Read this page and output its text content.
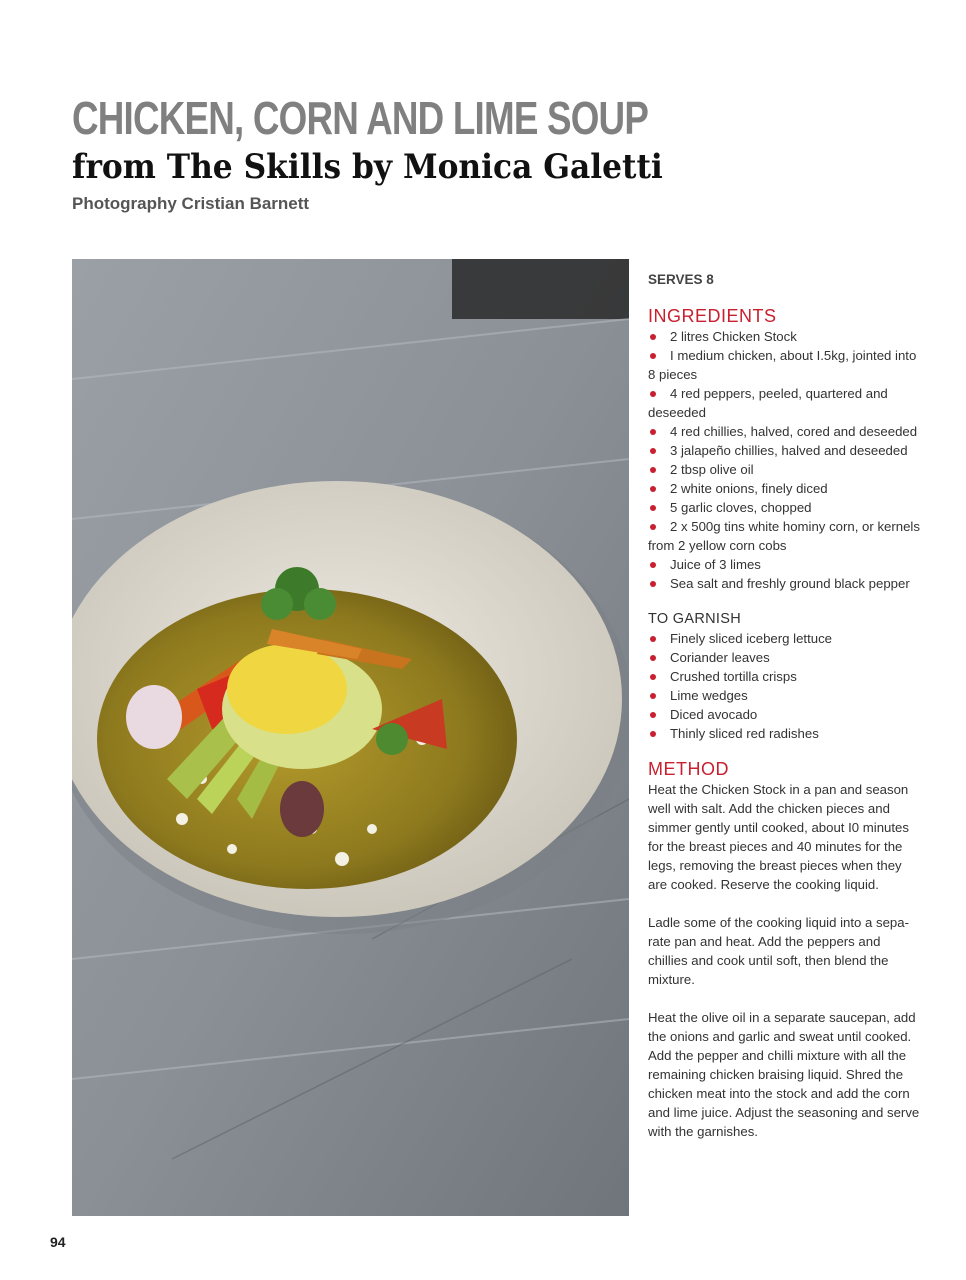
CHICKEN, CORN AND LIME SOUP
from The Skills by Monica Galetti
Photography Cristian Barnett
SERVES 8
INGREDIENTS
2 litres Chicken Stock
I medium chicken, about I.5kg, jointed into 8 pieces
4 red peppers, peeled, quartered and deseeded
4 red chillies, halved, cored and deseeded
3 jalapeño chillies, halved and deseeded
2 tbsp olive oil
2 white onions, finely diced
5 garlic cloves, chopped
2 x 500g tins white hominy corn, or kernels from 2 yellow corn cobs
Juice of 3 limes
Sea salt and freshly ground black pepper
TO GARNISH
Finely sliced iceberg lettuce
Coriander leaves
Crushed tortilla crisps
Lime wedges
Diced avocado
Thinly sliced red radishes
METHOD

Heat the Chicken Stock in a pan and season well with salt. Add the chicken pieces and simmer gently until cooked, about I0 minutes for the breast pieces and 40 minutes for the legs, removing the breast pieces when they are cooked. Reserve the cooking liquid.

Ladle some of the cooking liquid into a sepa-rate pan and heat. Add the peppers and chillies and cook until soft, then blend the mixture.

Heat the olive oil in a separate saucepan, add the onions and garlic and sweat until cooked. Add the pepper and chilli mixture with all the remaining chicken braising liquid. Shred the chicken meat into the stock and add the corn and lime juice. Adjust the seasoning and serve with the garnishes.

94
